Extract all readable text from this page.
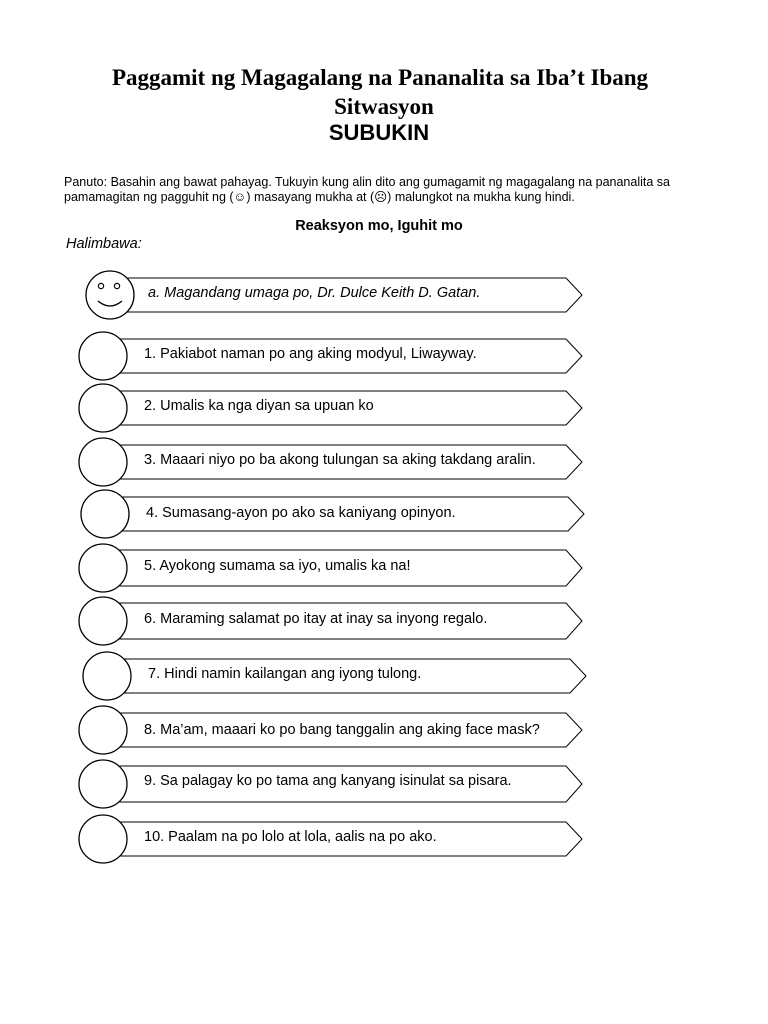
Paggamit ng Magagalang na Pananalita sa Iba’t Ibang
Sitwasyon
SUBUKIN
Panuto: Basahin ang bawat pahayag. Tukuyin kung alin dito ang gumagamit ng magagalang na pananalita sa
pamamagitan ng pagguhit ng (☺) masayang mukha at (☹) malungkot na mukha kung hindi.
Reaksyon mo, Iguhit mo
Halimbawa:
a. Magandang umaga po, Dr. Dulce Keith D. Gatan.
1. Pakiabot naman po ang aking modyul, Liwayway.
2. Umalis ka nga diyan sa upuan ko
3. Maaari niyo po ba akong tulungan sa aking takdang aralin.
4. Sumasang-ayon po ako sa kaniyang opinyon.
5. Ayokong sumama sa iyo, umalis ka na!
6. Maraming salamat po itay at inay sa inyong regalo.
7. Hindi namin kailangan ang iyong tulong.
8. Ma’am, maaari ko po bang tanggalin ang aking face mask?
9. Sa palagay ko po tama ang kanyang isinulat sa pisara.
10. Paalam na po lolo at lola, aalis na po ako.
